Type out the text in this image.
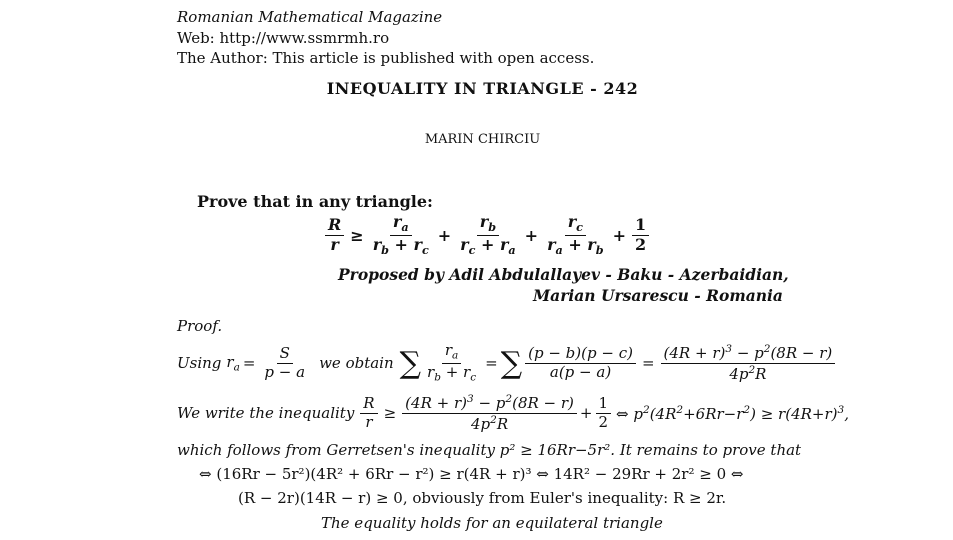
Romanian Mathematical Magazine
Web: http://www.ssmrmh.ro
The Author: This article is published with open access.
INEQUALITY IN TRIANGLE - 242
MARIN CHIRCIU
Prove that in any triangle:
$\frac{R}{r} \ge \frac{r_a}{r_b + r_c} + \frac{r_b}{r_c + r_a} + \frac{r_c}{r_a + r_b} + \frac{1}{2}$
Proposed by Adil Abdulallayev - Baku - Azerbaidian,
Marian Ursarescu - Romania
Proof.
Using $r_a = \frac{S}{p - a}$ we obtain ∑ $\frac{r_a}{r_b + r_c}$ = ∑ $\frac{(p - b)(p - c)}{a(p - a)} = \frac{(4R + r)^3 - p^2(8R - r)}{4p^2R}$
We write the inequality $\frac{R}{r} \ge \frac{(4R + r)^3 - p^2(8R - r)}{4p^2R} + \frac{1}{2}$ ⇔ $p^2(4R^2+6Rr-r^2) \ge r(4R+r)^3$,
which follows from Gerretsen's inequality p² ≥ 16Rr−5r². It remains to prove that
⇔ (16Rr − 5r²)(4R² + 6Rr − r²) ≥ r(4R + r)³ ⇔ 14R² − 29Rr + 2r² ≥ 0 ⇔
(R − 2r)(14R − r) ≥ 0, obviously from Euler's inequality: R ≥ 2r.
The equality holds for an equilateral triangle
